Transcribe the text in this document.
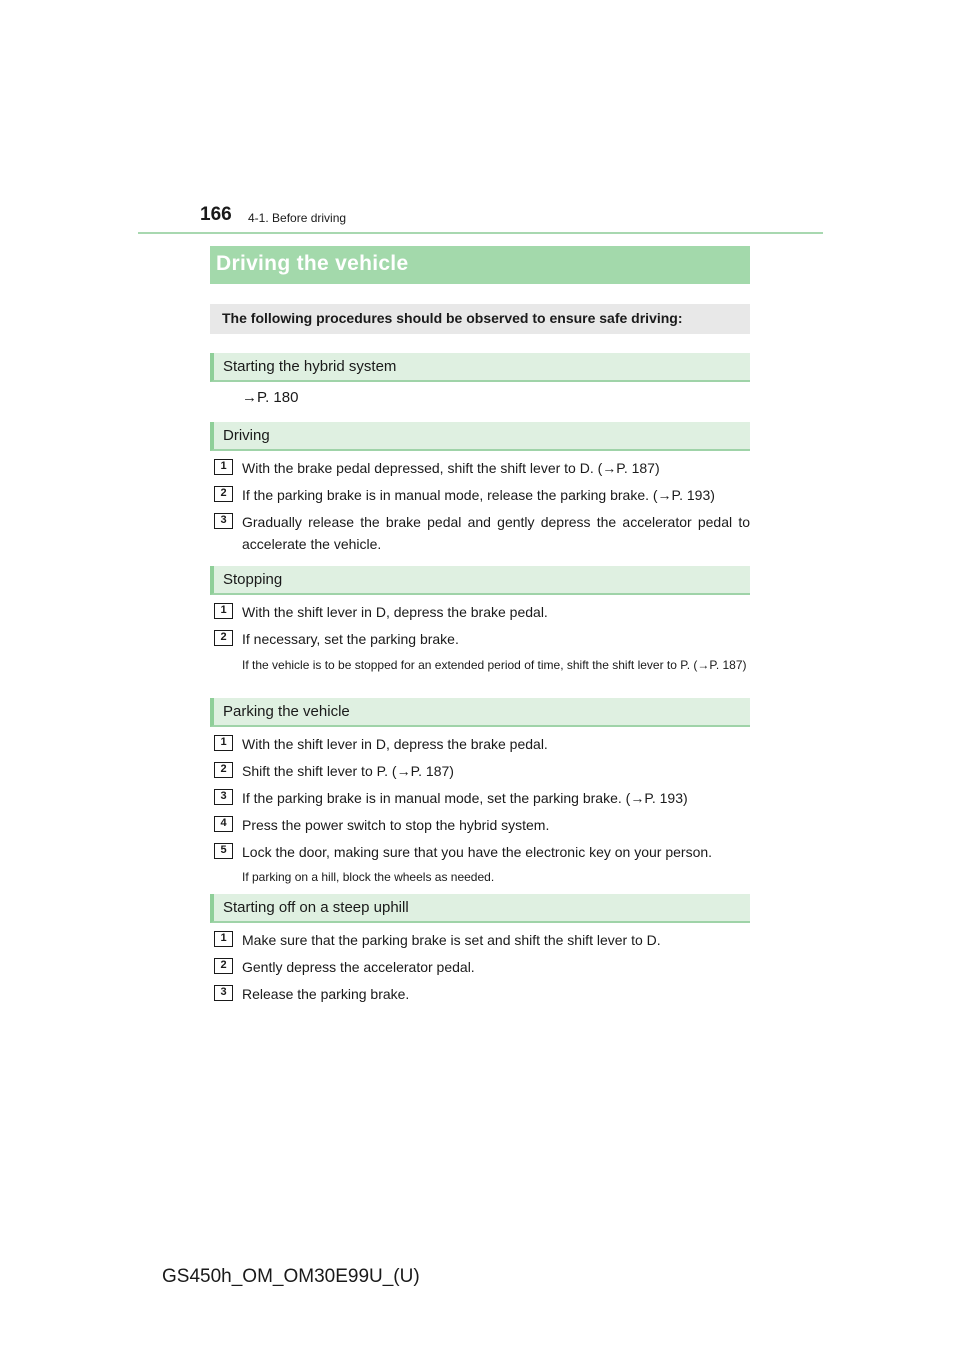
166 4-1. Before driving
Driving the vehicle
The following procedures should be observed to ensure safe driving:
Starting the hybrid system
→P. 180
Driving
1	With the brake pedal depressed, shift the shift lever to D. (→P. 187)
2	If the parking brake is in manual mode, release the parking brake. (→P. 193)
3	Gradually release the brake pedal and gently depress the accelerator pedal to accelerate the vehicle.
Stopping
1	With the shift lever in D, depress the brake pedal.
2	If necessary, set the parking brake.
If the vehicle is to be stopped for an extended period of time, shift the shift lever to P. (→P. 187)
Parking the vehicle
1	With the shift lever in D, depress the brake pedal.
2	Shift the shift lever to P. (→P. 187)
3	If the parking brake is in manual mode, set the parking brake. (→P. 193)
4	Press the power switch to stop the hybrid system.
5	Lock the door, making sure that you have the electronic key on your person.
If parking on a hill, block the wheels as needed.
Starting off on a steep uphill
1	Make sure that the parking brake is set and shift the shift lever to D.
2	Gently depress the accelerator pedal.
3	Release the parking brake.
GS450h_OM_OM30E99U_(U)
